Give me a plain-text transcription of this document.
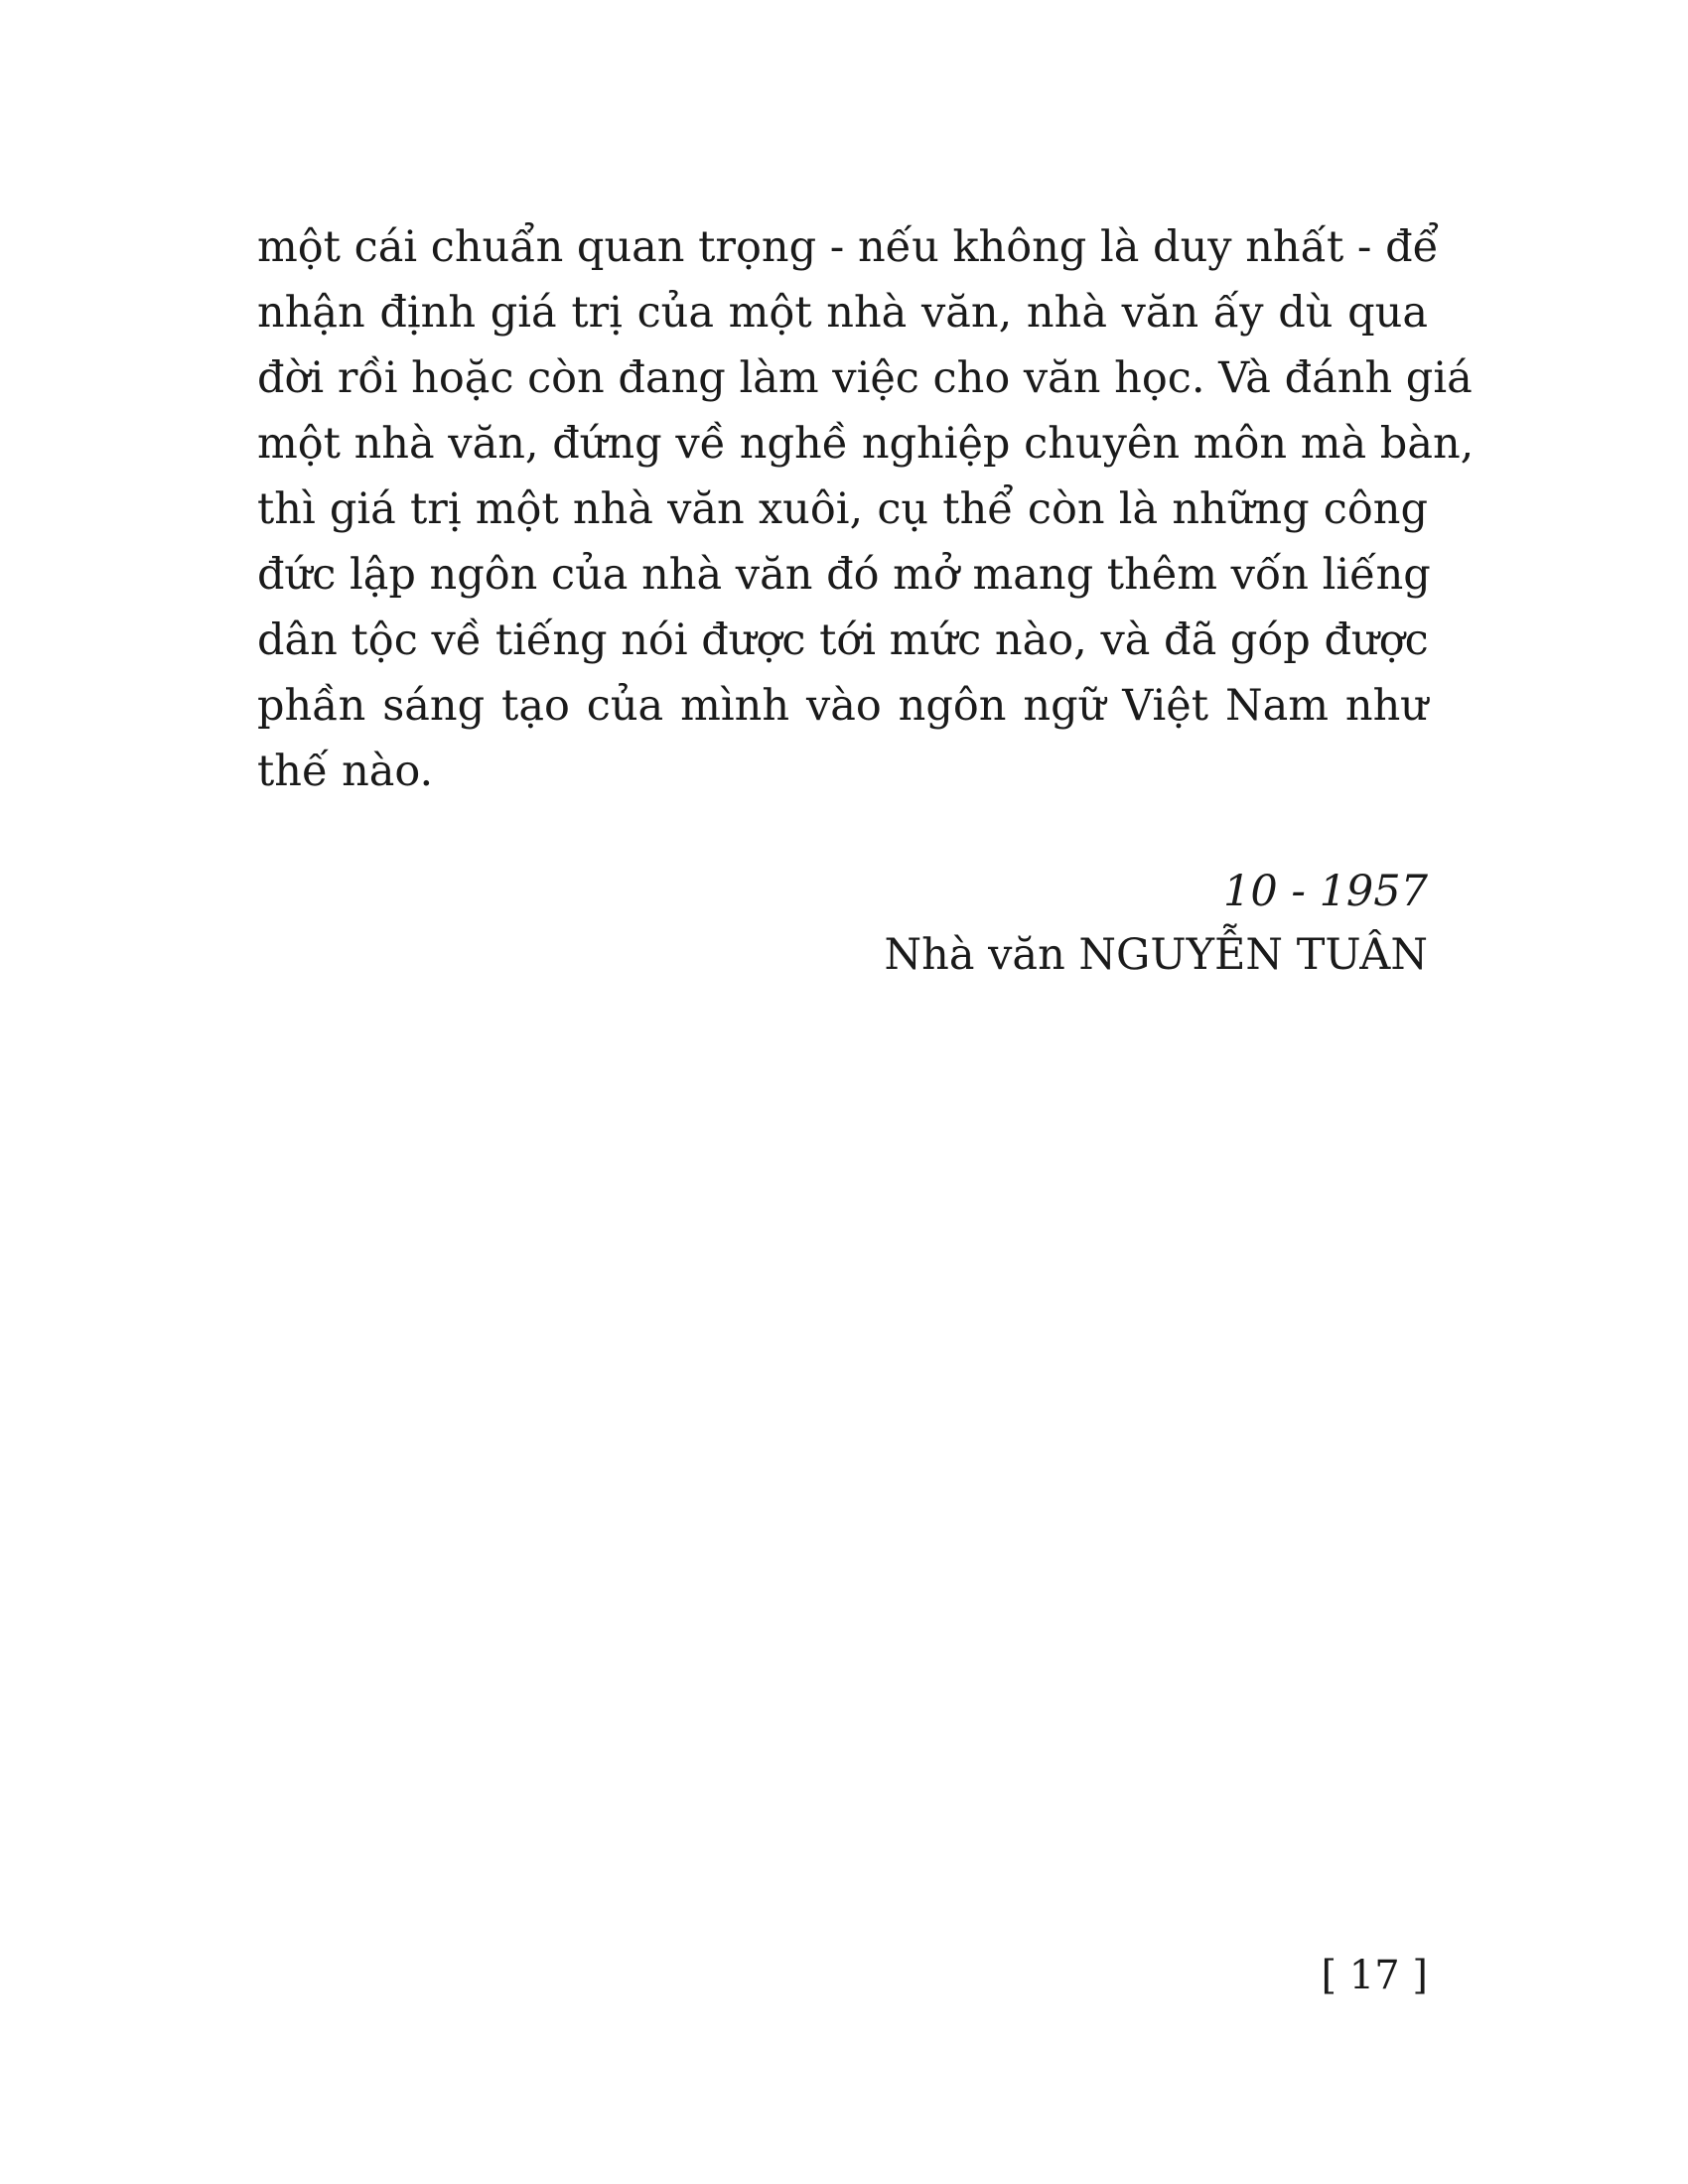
một cái chuẩn quan trọng - nếu không là duy nhất - để
nhận định giá trị của một nhà văn, nhà văn ấy dù qua
đời rồi hoặc còn đang làm việc cho văn học. Và đánh giá
một nhà văn, đứng về nghề nghiệp chuyên môn mà bàn,
thì giá trị một nhà văn xuôi, cụ thể còn là những công
đức lập ngôn của nhà văn đó mở mang thêm vốn liếng
dân tộc về tiếng nói được tới mức nào, và đã góp được
phần sáng tạo của mình vào ngôn ngữ Việt Nam như
thế nào.
10 - 1957
Nhà văn NGUYỄN TUÂN
[ 17 ]
